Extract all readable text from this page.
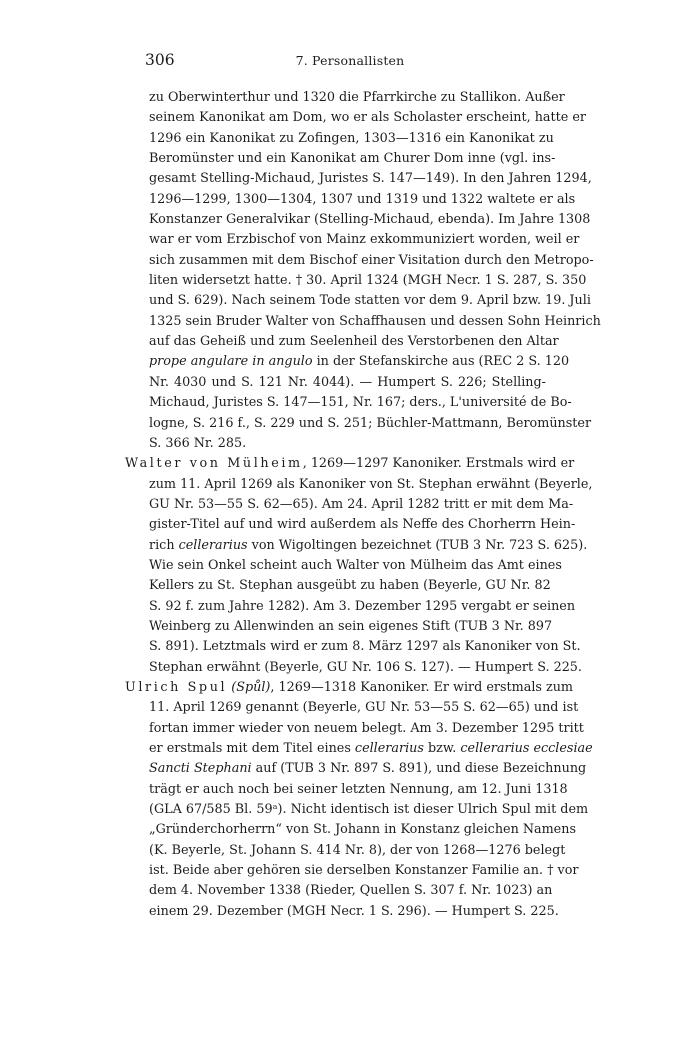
306	7. Personallisten
zu Oberwinterthur und 1320 die Pfarrkirche zu Stallikon. Außer
seinem Kanonikat am Dom, wo er als Scholaster erscheint, hatte er
1296 ein Kanonikat zu Zofingen, 1303—1316 ein Kanonikat zu
Beromünster und ein Kanonikat am Churer Dom inne (vgl. ins-
gesamt Stelling-Michaud, Juristes S. 147—149). In den Jahren 1294,
1296—1299, 1300—1304, 1307 und 1319 und 1322 waltete er als
Konstanzer Generalvikar (Stelling-Michaud, ebenda). Im Jahre 1308
war er vom Erzbischof von Mainz exkommuniziert worden, weil er
sich zusammen mit dem Bischof einer Visitation durch den Metropo-
liten widersetzt hatte. † 30. April 1324 (MGH Necr. 1 S. 287, S. 350
und S. 629). Nach seinem Tode statten vor dem 9. April bzw. 19. Juli
1325 sein Bruder Walter von Schaffhausen und dessen Sohn Heinrich
auf das Geheiß und zum Seelenheil des Verstorbenen den Altar
prope angulare in angulo in der Stefanskirche aus (REC 2 S. 120
Nr. 4030 und S. 121 Nr. 4044). — Humpert S. 226; Stelling-
Michaud, Juristes S. 147—151, Nr. 167; ders., L'université de Bo-
logne, S. 216 f., S. 229 und S. 251; Büchler-Mattmann, Beromünster
S. 366 Nr. 285.
Walter von Mülheim, 1269—1297 Kanoniker. Erstmals wird er
zum 11. April 1269 als Kanoniker von St. Stephan erwähnt (Beyerle,
GU Nr. 53—55 S. 62—65). Am 24. April 1282 tritt er mit dem Ma-
gister-Titel auf und wird außerdem als Neffe des Chorherrn Hein-
rich cellerarius von Wigoltingen bezeichnet (TUB 3 Nr. 723 S. 625).
Wie sein Onkel scheint auch Walter von Mülheim das Amt eines
Kellers zu St. Stephan ausgeübt zu haben (Beyerle, GU Nr. 82
S. 92 f. zum Jahre 1282). Am 3. Dezember 1295 vergabt er seinen
Weinberg zu Allenwinden an sein eigenes Stift (TUB 3 Nr. 897
S. 891). Letztmals wird er zum 8. März 1297 als Kanoniker von St.
Stephan erwähnt (Beyerle, GU Nr. 106 S. 127). — Humpert S. 225.
Ulrich Spul (Spůl), 1269—1318 Kanoniker. Er wird erstmals zum
11. April 1269 genannt (Beyerle, GU Nr. 53—55 S. 62—65) und ist
fortan immer wieder von neuem belegt. Am 3. Dezember 1295 tritt
er erstmals mit dem Titel eines cellerarius bzw. cellerarius ecclesiae
Sancti Stephani auf (TUB 3 Nr. 897 S. 891), und diese Bezeichnung
trägt er auch noch bei seiner letzten Nennung, am 12. Juni 1318
(GLA 67/585 Bl. 59ᵃ). Nicht identisch ist dieser Ulrich Spul mit dem
„Gründerchorherrn“ von St. Johann in Konstanz gleichen Namens
(K. Beyerle, St. Johann S. 414 Nr. 8), der von 1268—1276 belegt
ist. Beide aber gehören sie derselben Konstanzer Familie an. † vor
dem 4. November 1338 (Rieder, Quellen S. 307 f. Nr. 1023) an
einem 29. Dezember (MGH Necr. 1 S. 296). — Humpert S. 225.
